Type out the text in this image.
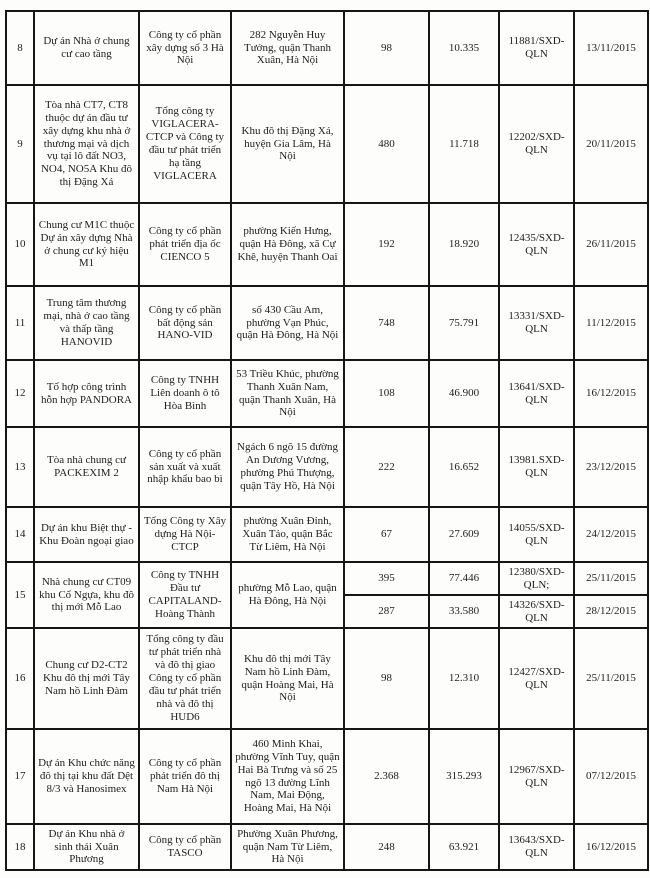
8	Dự án Nhà ở chung cư cao tầng	Công ty cổ phần xây dựng số 3 Hà Nội	282 Nguyễn Huy Tưởng, quận Thanh Xuân, Hà Nội	98	10.335	11881/SXD-QLN	13/11/2015
9	Tòa nhà CT7, CT8 thuộc dự án đầu tư xây dựng khu nhà ở thương mại và dịch vụ tại lô đất NO3, NO4, NO5A Khu đô thị Đặng Xá	Tổng công ty VIGLACERA-CTCP và Công ty đầu tư phát triển hạ tầng VIGLACERA	Khu đô thị Đặng Xá, huyện Gia Lâm, Hà Nội	480	11.718	12202/SXD-QLN	20/11/2015
10	Chung cư M1C thuộc Dự án xây dựng Nhà ở chung cư ký hiệu M1	Công ty cổ phần phát triển địa ốc CIENCO 5	phường Kiến Hưng, quận Hà Đông, xã Cự Khê, huyện Thanh Oai	192	18.920	12435/SXD-QLN	26/11/2015
11	Trung tâm thương mại, nhà ở cao tầng và thấp tầng HANOVID	Công ty cổ phần bất động sản HANO-VID	số 430 Cầu Am, phường Vạn Phúc, quận Hà Đông, Hà Nội	748	75.791	13331/SXD-QLN	11/12/2015
12	Tổ hợp công trình hỗn hợp PANDORA	Công ty TNHH Liên doanh ô tô Hòa Bình	53 Triều Khúc, phường Thanh Xuân Nam, quận Thanh Xuân, Hà Nội	108	46.900	13641/SXD-QLN	16/12/2015
13	Tòa nhà chung cư PACKEXIM 2	Công ty cổ phần sản xuất và xuất nhập khẩu bao bì	Ngách 6 ngõ 15 đường An Dương Vương, phường Phú Thượng, quận Tây Hồ, Hà Nội	222	16.652	13981.SXD-QLN	23/12/2015
14	Dự án khu Biệt thự - Khu Đoàn ngoại giao	Tổng Công ty Xây dựng Hà Nội-CTCP	phường Xuân Đỉnh, Xuân Tảo, quận Bắc Từ Liêm, Hà Nội	67	27.609	14055/SXD-QLN	24/12/2015
15	Nhà chung cư CT09 khu Cổ Ngựa, khu đô thị mới Mỗ Lao	Công ty TNHH Đầu tư CAPITALAND-Hoàng Thành	phường Mỗ Lao, quận Hà Đông, Hà Nội	395	77.446	12380/SXD-QLN;	25/11/2015
				287	33.580	14326/SXD-QLN	28/12/2015
16	Chung cư D2-CT2 Khu đô thị mới Tây Nam hồ Linh Đàm	Tổng công ty đầu tư phát triển nhà và đô thị giao Công ty cổ phần đầu tư phát triển nhà và đô thị HUD6	Khu đô thị mới Tây Nam hồ Linh Đàm, quận Hoàng Mai, Hà Nội	98	12.310	12427/SXD-QLN	25/11/2015
17	Dự án Khu chức năng đô thị tại khu đất Dệt 8/3 và Hanosimex	Công ty cổ phần phát triển đô thị Nam Hà Nội	460 Minh Khai, phường Vĩnh Tuy, quận Hai Bà Trưng và số 25 ngõ 13 đường Lĩnh Nam, Mai Động, Hoàng Mai, Hà Nội	2.368	315.293	12967/SXD-QLN	07/12/2015
18	Dự án Khu nhà ở sinh thái Xuân Phương	Công ty cổ phần TASCO	Phường Xuân Phương, quận Nam Từ Liêm, Hà Nội	248	63.921	13643/SXD-QLN	16/12/2015
